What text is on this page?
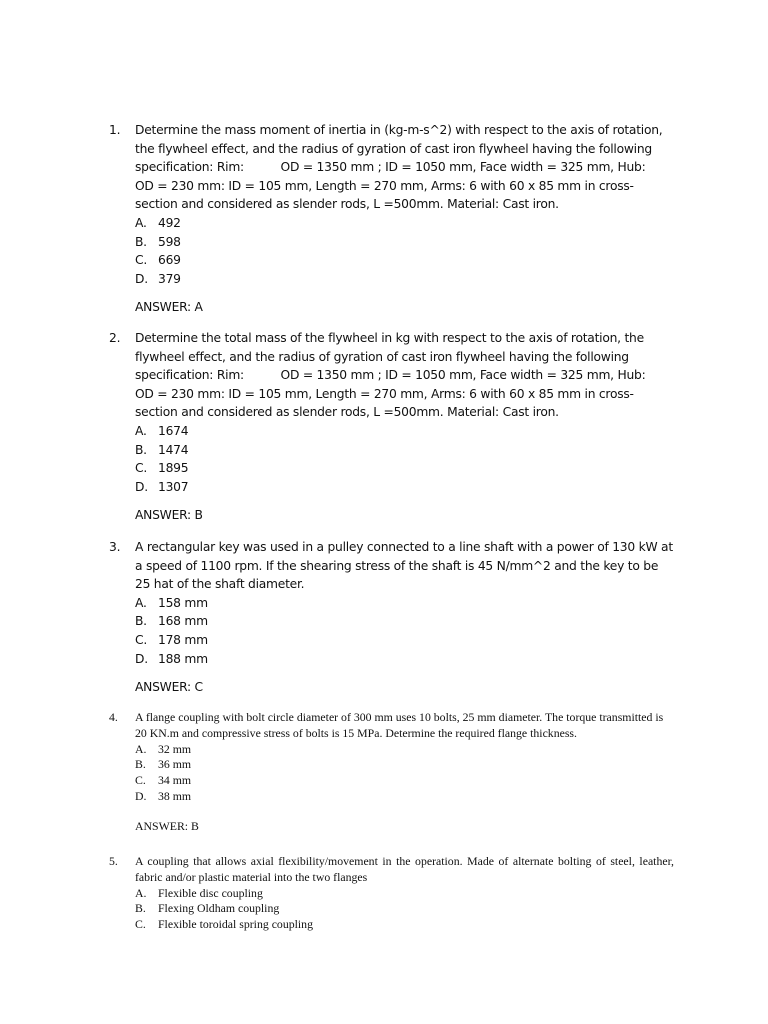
1.	Determine the mass moment of inertia in (kg-m-s^2) with respect to the axis of rotation, the flywheel effect, and the radius of gyration of cast iron flywheel having the following specification: Rim:          OD = 1350 mm ; ID = 1050 mm, Face width = 325 mm, Hub:          OD = 230 mm: ID = 105 mm, Length = 270 mm, Arms: 6 with 60 x 85 mm in cross-section and considered as slender rods, L =500mm. Material: Cast iron.

A. 492
B. 598
C. 669
D. 379

ANSWER: A

2.	Determine the total mass of the flywheel in kg with respect to the axis of rotation, the flywheel effect, and the radius of gyration of cast iron flywheel having the following specification: Rim:          OD = 1350 mm ; ID = 1050 mm, Face width = 325 mm, Hub:          OD = 230 mm: ID = 105 mm, Length = 270 mm, Arms: 6 with 60 x 85 mm in cross-section and considered as slender rods, L =500mm. Material: Cast iron.

A. 1674
B. 1474
C. 1895
D. 1307

ANSWER: B

3.	A rectangular key was used in a pulley connected to a line shaft with a power of 130 kW at a speed of 1100 rpm. If the shearing stress of the shaft is 45 N/mm^2 and the key to be 25 hat of the shaft diameter.

A. 158 mm
B. 168 mm
C. 178 mm
D. 188 mm

ANSWER: C

4.	A flange coupling with bolt circle diameter of 300 mm uses 10 bolts, 25 mm diameter. The torque transmitted is 20 KN.m and compressive stress of bolts is 15 MPa. Determine the required flange thickness.

A. 32 mm
B. 36 mm
C. 34 mm
D. 38 mm

ANSWER: B

5.	A coupling that allows axial flexibility/movement in the operation. Made of alternate bolting of steel, leather, fabric and/or plastic material into the two flanges

A. Flexible disc coupling
B. Flexing Oldham coupling
C. Flexible toroidal spring coupling
